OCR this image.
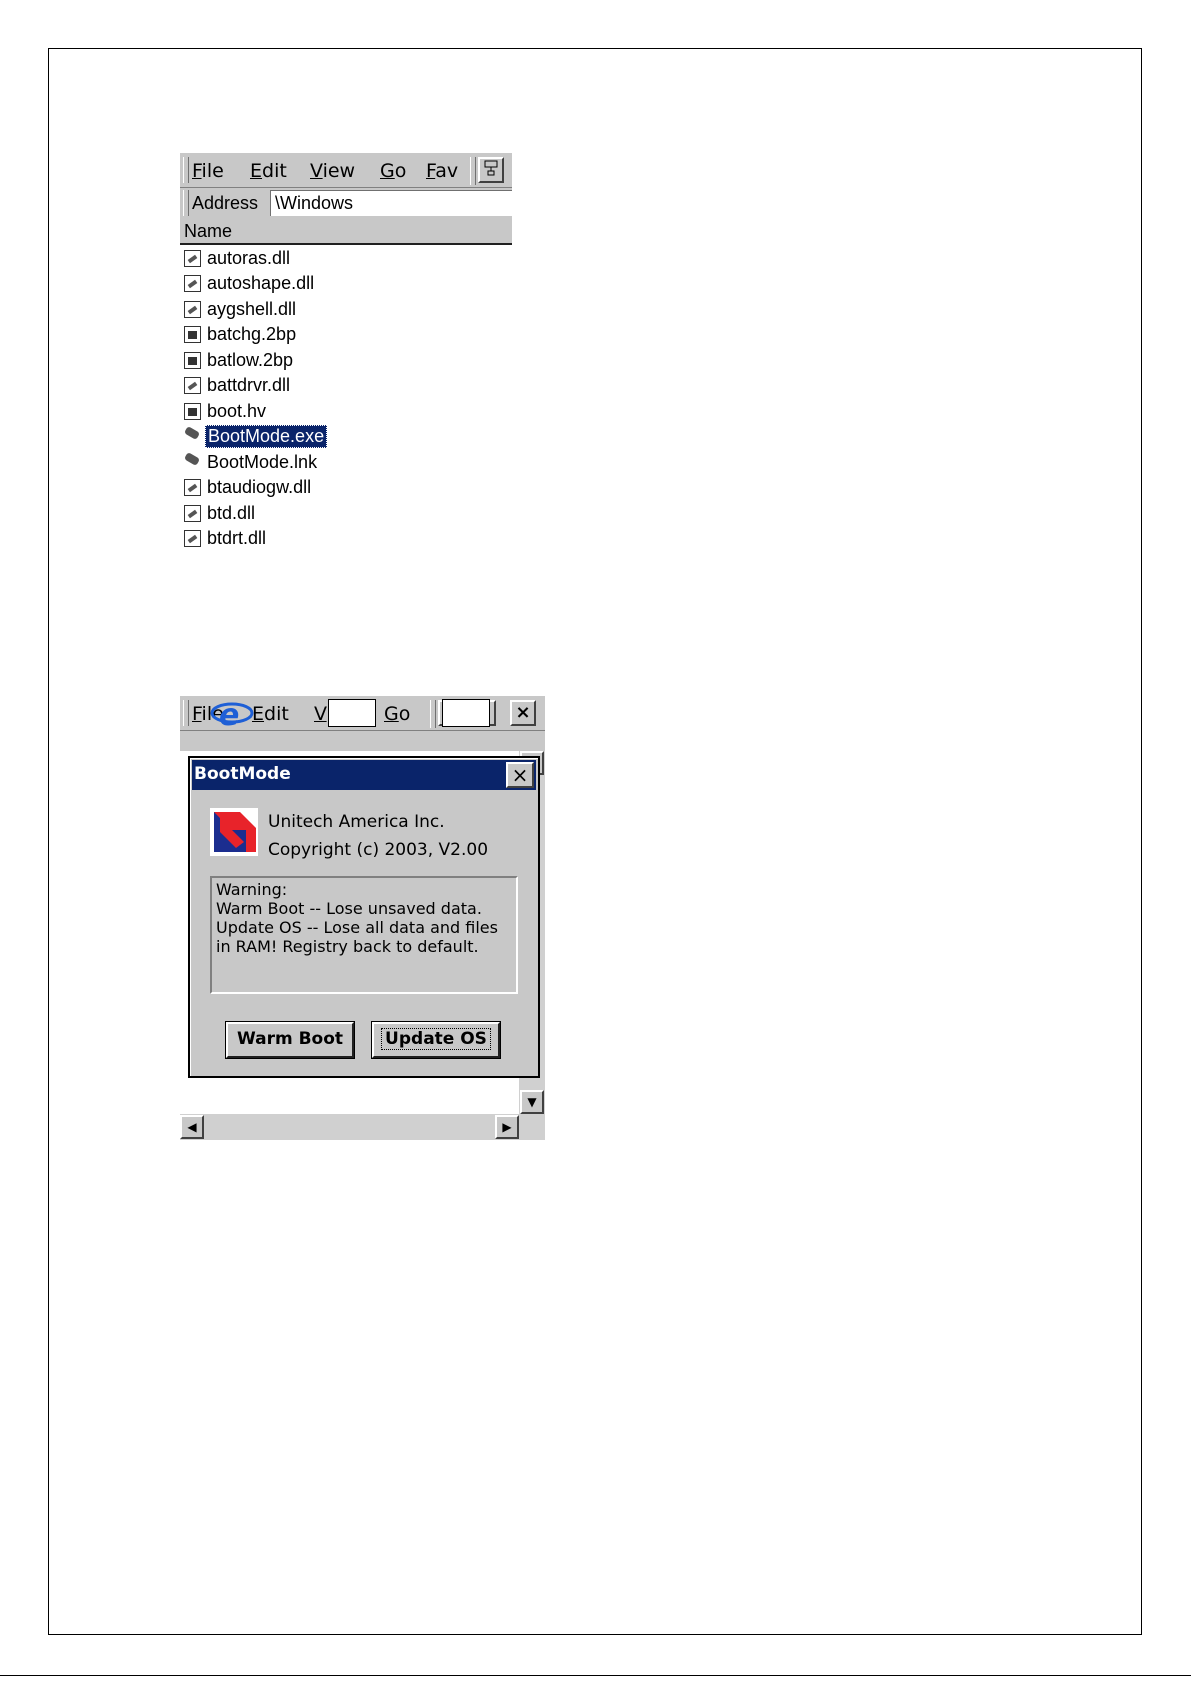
File Edit View Go Fav
Address \Windows
Name
autoras.dll
autoshape.dll
aygshell.dll
batchg.2bp
batlow.2bp
battdrvr.dll
boot.hv
BootMode.exe
BootMode.lnk
btaudiogw.dll
btd.dll
btdrt.dll
File Edit V	Go	×
e
▼
◀	▶
BootMode	×
Unitech America Inc.
Copyright (c) 2003, V2.00
Warning:
Warm Boot -- Lose unsaved data.
Update OS -- Lose all data and files
in RAM! Registry back to default.
Warm Boot	Update OS
